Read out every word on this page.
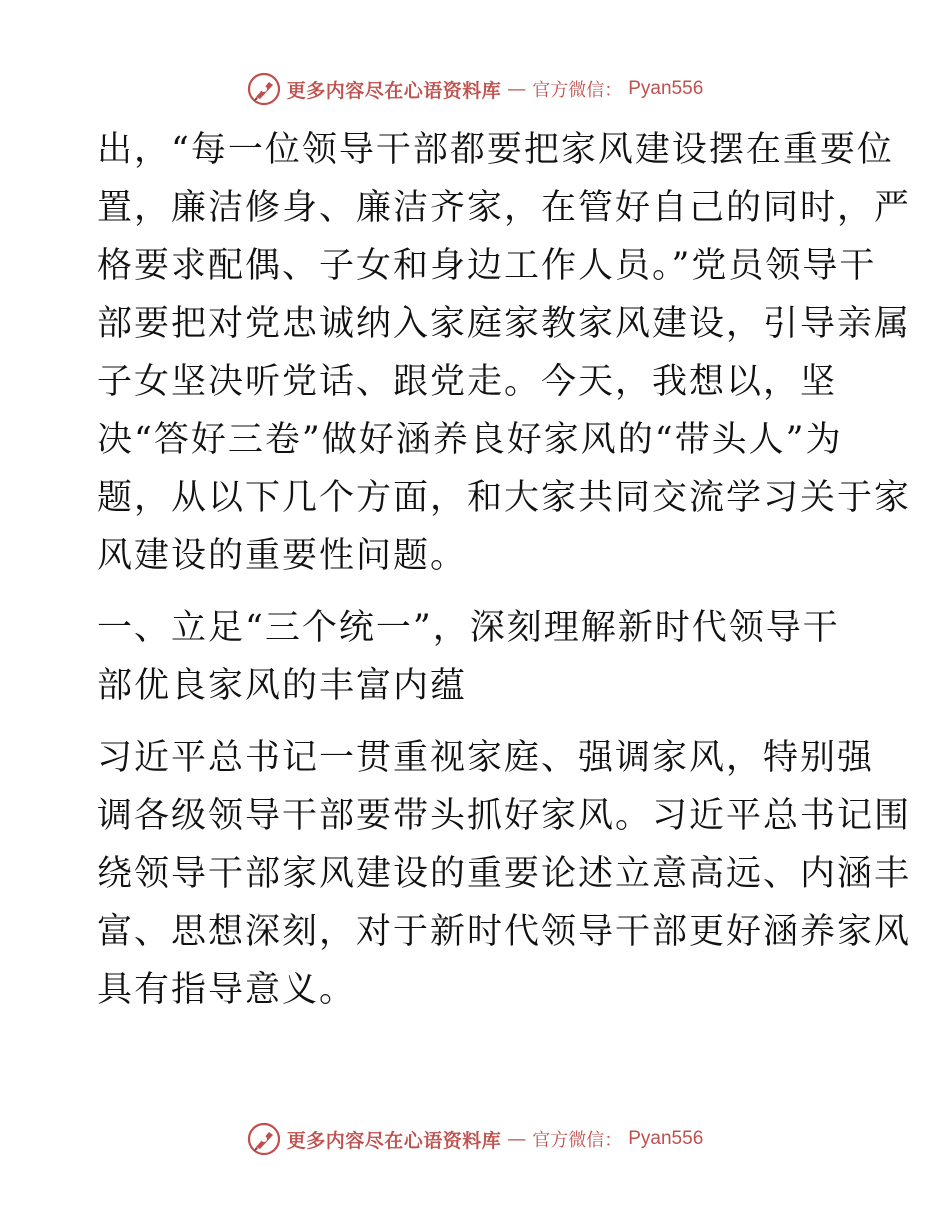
更多内容尽在心语资料库 — 官方微信： Pyan556
出，“每一位领导干部都要把家风建设摆在重要位
置，廉洁修身、廉洁齐家，在管好自己的同时，严
格要求配偶、子女和身边工作人员。”党员领导干
部要把对党忠诚纳入家庭家教家风建设，引导亲属
子女坚决听党话、跟党走。今天，我想以，坚
决“答好三卷”做好涵养良好家风的“带头人”为
题，从以下几个方面，和大家共同交流学习关于家
风建设的重要性问题。
一、立足“三个统一”，深刻理解新时代领导干
部优良家风的丰富内蕴
习近平总书记一贯重视家庭、强调家风，特别强
调各级领导干部要带头抓好家风。习近平总书记围
绕领导干部家风建设的重要论述立意高远、内涵丰
富、思想深刻，对于新时代领导干部更好涵养家风
具有指导意义。
更多内容尽在心语资料库 — 官方微信： Pyan556
